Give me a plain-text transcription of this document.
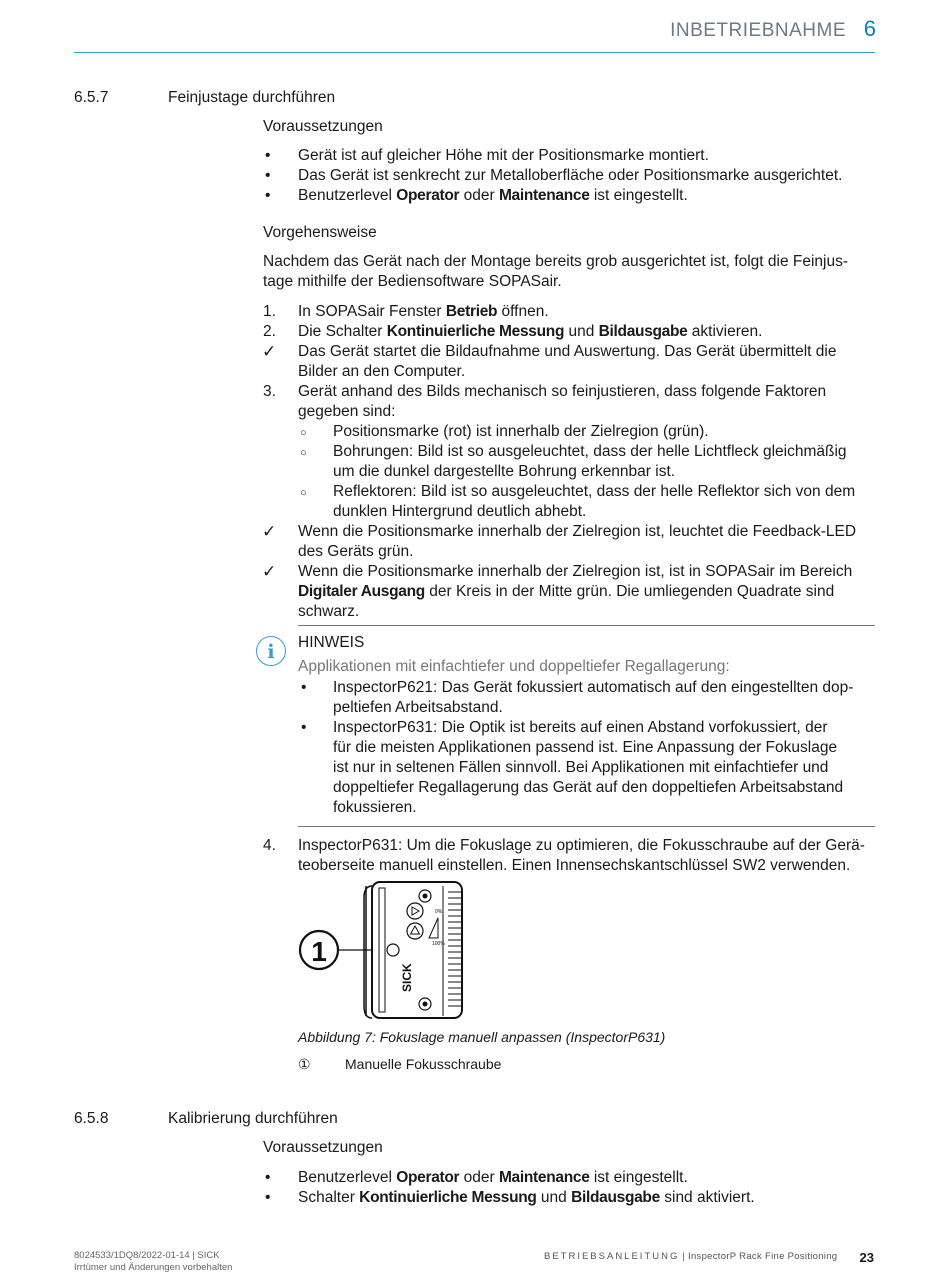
INBETRIEBNAHME 6
6.5.7	Feinjustage durchführen
Voraussetzungen
• Gerät ist auf gleicher Höhe mit der Positionsmarke montiert.
• Das Gerät ist senkrecht zur Metalloberfläche oder Positionsmarke ausgerichtet.
• Benutzerlevel Operator oder Maintenance ist eingestellt.
Vorgehensweise
Nachdem das Gerät nach der Montage bereits grob ausgerichtet ist, folgt die Feinjus-
tage mithilfe der Bediensoftware SOPASair.
1. In SOPASair Fenster Betrieb öffnen.
2. Die Schalter Kontinuierliche Messung und Bildausgabe aktivieren.
✓ Das Gerät startet die Bildaufnahme und Auswertung. Das Gerät übermittelt die
Bilder an den Computer.
3. Gerät anhand des Bilds mechanisch so feinjustieren, dass folgende Faktoren
gegeben sind:
○ Positionsmarke (rot) ist innerhalb der Zielregion (grün).
○ Bohrungen: Bild ist so ausgeleuchtet, dass der helle Lichtfleck gleichmäßig
um die dunkel dargestellte Bohrung erkennbar ist.
○ Reflektoren: Bild ist so ausgeleuchtet, dass der helle Reflektor sich von dem
dunklen Hintergrund deutlich abhebt.
✓ Wenn die Positionsmarke innerhalb der Zielregion ist, leuchtet die Feedback-LED
des Geräts grün.
✓ Wenn die Positionsmarke innerhalb der Zielregion ist, ist in SOPASair im Bereich
Digitaler Ausgang der Kreis in der Mitte grün. Die umliegenden Quadrate sind
schwarz.
i	HINWEIS
Applikationen mit einfachtiefer und doppeltiefer Regallagerung:
• InspectorP621: Das Gerät fokussiert automatisch auf den eingestellten dop-
peltiefen Arbeitsabstand.
• InspectorP631: Die Optik ist bereits auf einen Abstand vorfokussiert, der
für die meisten Applikationen passend ist. Eine Anpassung der Fokuslage
ist nur in seltenen Fällen sinnvoll. Bei Applikationen mit einfachtiefer und
doppeltiefer Regallagerung das Gerät auf den doppeltiefen Arbeitsabstand
fokussieren.
4. InspectorP631: Um die Fokuslage zu optimieren, die Fokusschraube auf der Gerä-
teoberseite manuell einstellen. Einen Innensechskantschlüssel SW2 verwenden.
1
0%
100%
SICK
Abbildung 7: Fokuslage manuell anpassen (InspectorP631)
① Manuelle Fokusschraube
6.5.8	Kalibrierung durchführen
Voraussetzungen
• Benutzerlevel Operator oder Maintenance ist eingestellt.
• Schalter Kontinuierliche Messung und Bildausgabe sind aktiviert.
8024533/1DQ8/2022-01-14 | SICK
Irrtümer und Änderungen vorbehalten
BETRIEBSANLEITUNG | InspectorP Rack Fine Positioning 23
